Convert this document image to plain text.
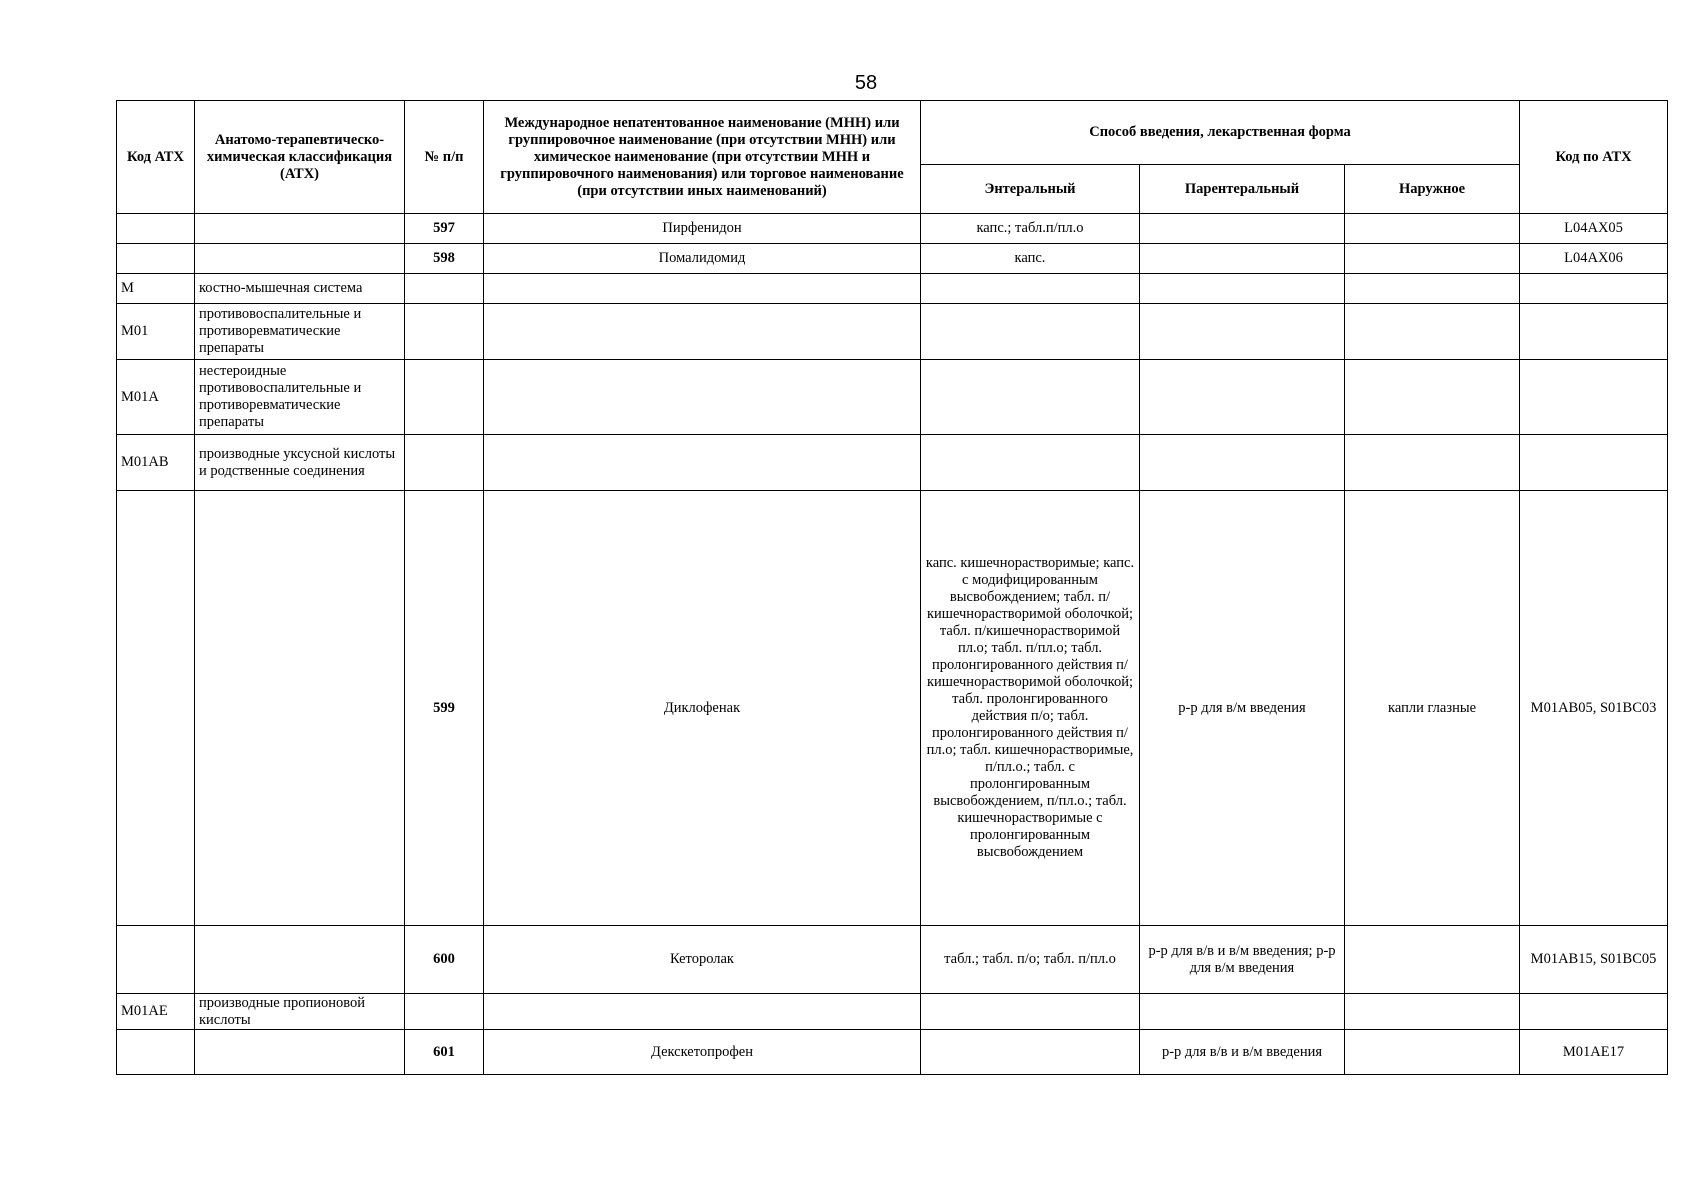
58
Код АТХ	Анатомо-терапевтическо-химическая классификация (АТХ)	№ п/п	Международное непатентованное наименование (МНН) или группировочное наименование (при отсутствии МНН) или химическое наименование (при отсутствии МНН и группировочного наименования) или торговое наименование (при отсутствии иных наименований)	Способ введения, лекарственная форма			Код по АТХ
				Энтеральный	Парентеральный	Наружное	
		597	Пирфенидон	капс.; табл.п/пл.о			L04AX05
		598	Помалидомид	капс.			L04AX06
M	костно-мышечная система						
M01	противовоспалительные и противоревматические препараты						
M01A	нестероидные противовоспалительные и противоревматические препараты						
M01AB	производные уксусной кислоты и родственные соединения						
		599	Диклофенак	капс. кишечнорастворимые; капс. с модифицированным высвобождением; табл. п/кишечнорастворимой оболочкой; табл. п/кишечнорастворимой пл.о; табл. п/пл.о; табл. пролонгированного действия п/кишечнорастворимой оболочкой; табл. пролонгированного действия п/о; табл. пролонгированного действия п/пл.о; табл. кишечнорастворимые, п/пл.о.; табл. с пролонгированным высвобождением, п/пл.о.; табл. кишечнорастворимые с пролонгированным высвобождением	р-р для в/м введения	капли глазные	M01AB05, S01BC03
		600	Кеторолак	табл.; табл. п/о; табл. п/пл.о	р-р для в/в и в/м введения; р-р для в/м введения		M01AB15, S01BC05
M01AE	производные пропионовой кислоты						
		601	Декскетопрофен		р-р для в/в и в/м введения		M01AE17
